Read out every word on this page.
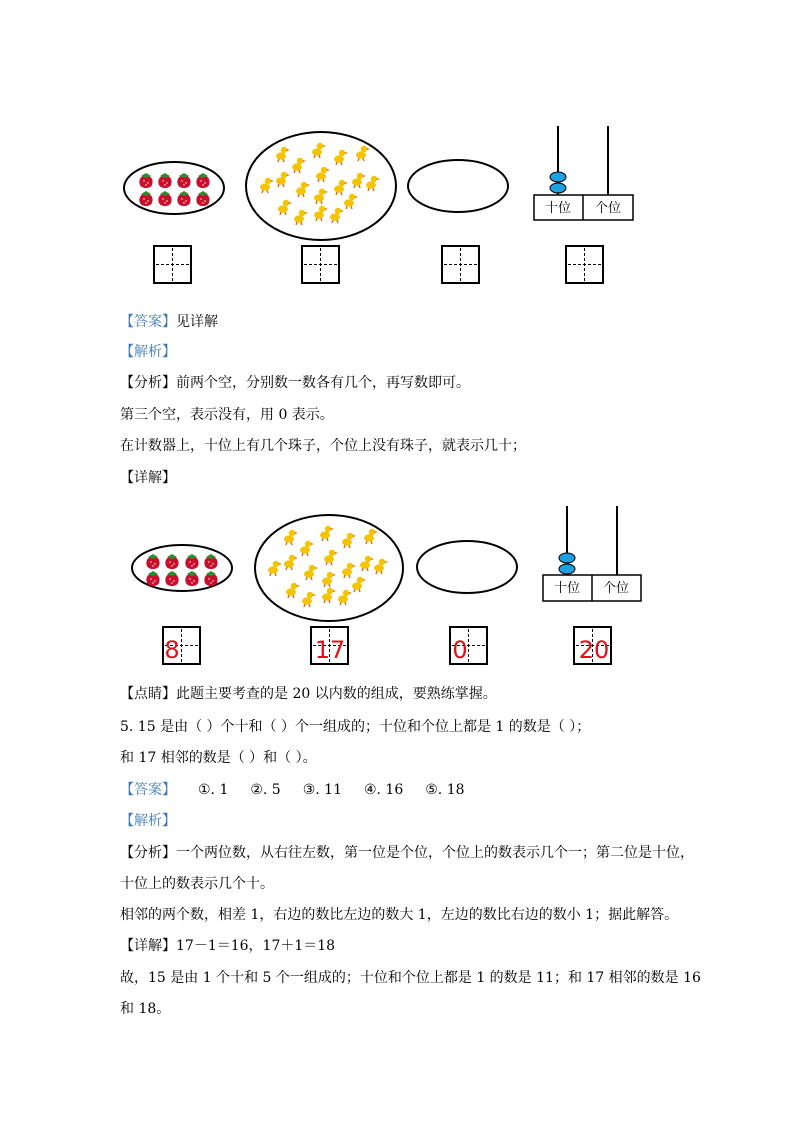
十位 个位
【答案】见详解
【解析】
【分析】前两个空，分别数一数各有几个，再写数即可。
第三个空，表示没有，用 0 表示。
在计数器上，十位上有几个珠子，个位上没有珠子，就表示几十；
【详解】
十位 个位
8	17	0	20
【点睛】此题主要考查的是 20 以内数的组成，要熟练掌握。
5. 15 是由（ ）个十和（ ）个一组成的；十位和个位上都是 1 的数是（ ）；
和 17 相邻的数是（ ）和（ ）。
【答案】 ①. 1 ②. 5 ③. 11 ④. 16 ⑤. 18
【解析】
【分析】一个两位数，从右往左数，第一位是个位，个位上的数表示几个一；第二位是十位，
十位上的数表示几个十。
相邻的两个数，相差 1，右边的数比左边的数大 1，左边的数比右边的数小 1；据此解答。
【详解】17－1＝16，17＋1＝18
故，15 是由 1 个十和 5 个一组成的；十位和个位上都是 1 的数是 11；和 17 相邻的数是 16
和 18。
